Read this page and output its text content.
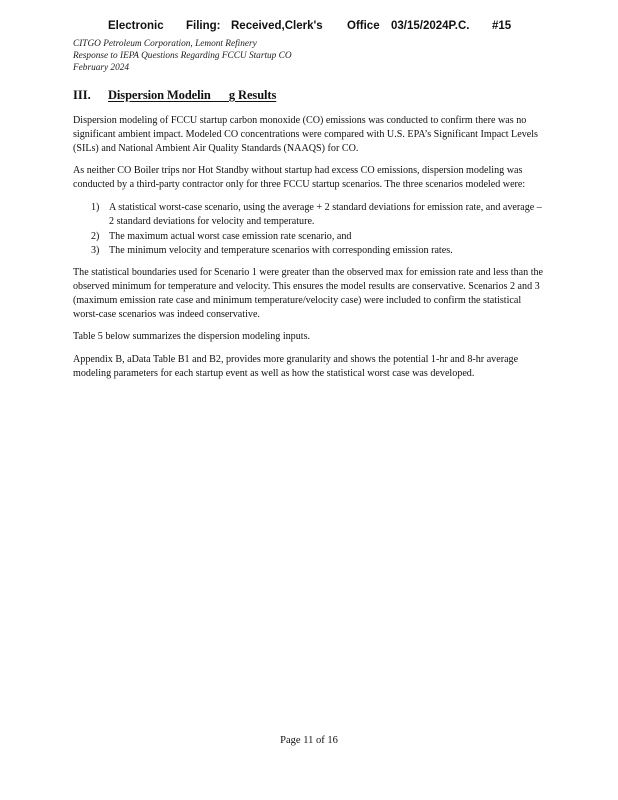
Electronic Filing: Received,Clerk's Office 03/15/2024P.C. #15
CITGO Petroleum Corporation, Lemont Refinery
Response to IEPA Questions Regarding FCCU Startup CO
February 2024
III. Dispersion Modelin      g Results

Dispersion modeling of FCCU startup carbon monoxide (CO) emissions was conducted to confirm there was no significant ambient impact. Modeled CO concentrations were compared with U.S. EPA’s Significant Impact Levels (SILs) and National Ambient Air Quality Standards (NAAQS) for CO.

As neither CO Boiler trips nor Hot Standby without startup had excess CO emissions, dispersion modeling was conducted by a third-party contractor only for three FCCU startup scenarios. The three scenarios modeled were:

1) A statistical worst-case scenario, using the average + 2 standard deviations for emission rate, and average – 2 standard deviations for velocity and temperature.
2) The maximum actual worst case emission rate scenario, and
3) The minimum velocity and temperature scenarios with corresponding emission rates.

The statistical boundaries used for Scenario 1 were greater than the observed max for emission rate and less than the observed minimum for temperature and velocity. This ensures the model results are conservative. Scenarios 2 and 3 (maximum emission rate case and minimum temperature/velocity case) were included to confirm the statistical worst-case scenarios was indeed conservative.

Table 5 below summarizes the dispersion modeling inputs.

Appendix B, aData Table B1 and B2, provides more granularity and shows the potential 1-hr and 8-hr average modeling parameters for each startup event as well as how the statistical worst case was developed.

Page 11 of 16
